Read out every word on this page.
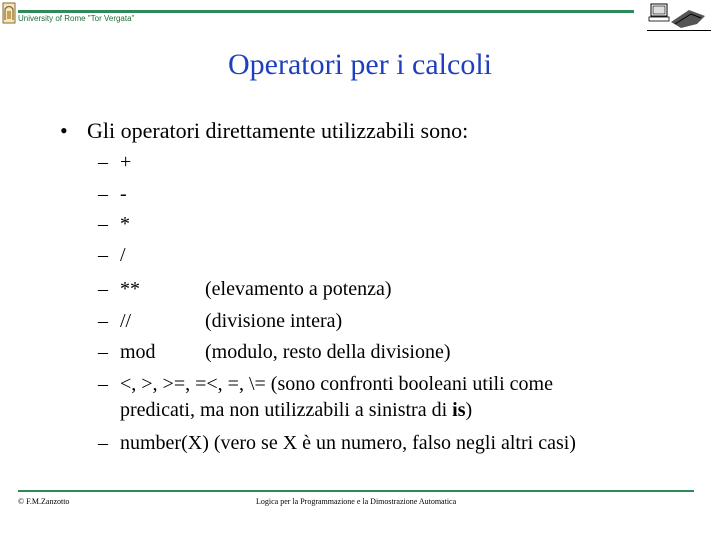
University of Rome "Tor Vergata"
Operatori per i calcoli
• Gli operatori direttamente utilizzabili sono:
– +
– -
– *
– /
– **	(elevamento a potenza)
– //	(divisione intera)
– mod (modulo, resto della divisione)
– <, >, >=, =<, =, \= (sono confronti booleani utili come
predicati, ma non utilizzabili a sinistra di is)
– number(X) (vero se X è un numero, falso negli altri casi)
© F.M.Zanzotto	Logica per la Programmazione e la Dimostrazione Automatica
